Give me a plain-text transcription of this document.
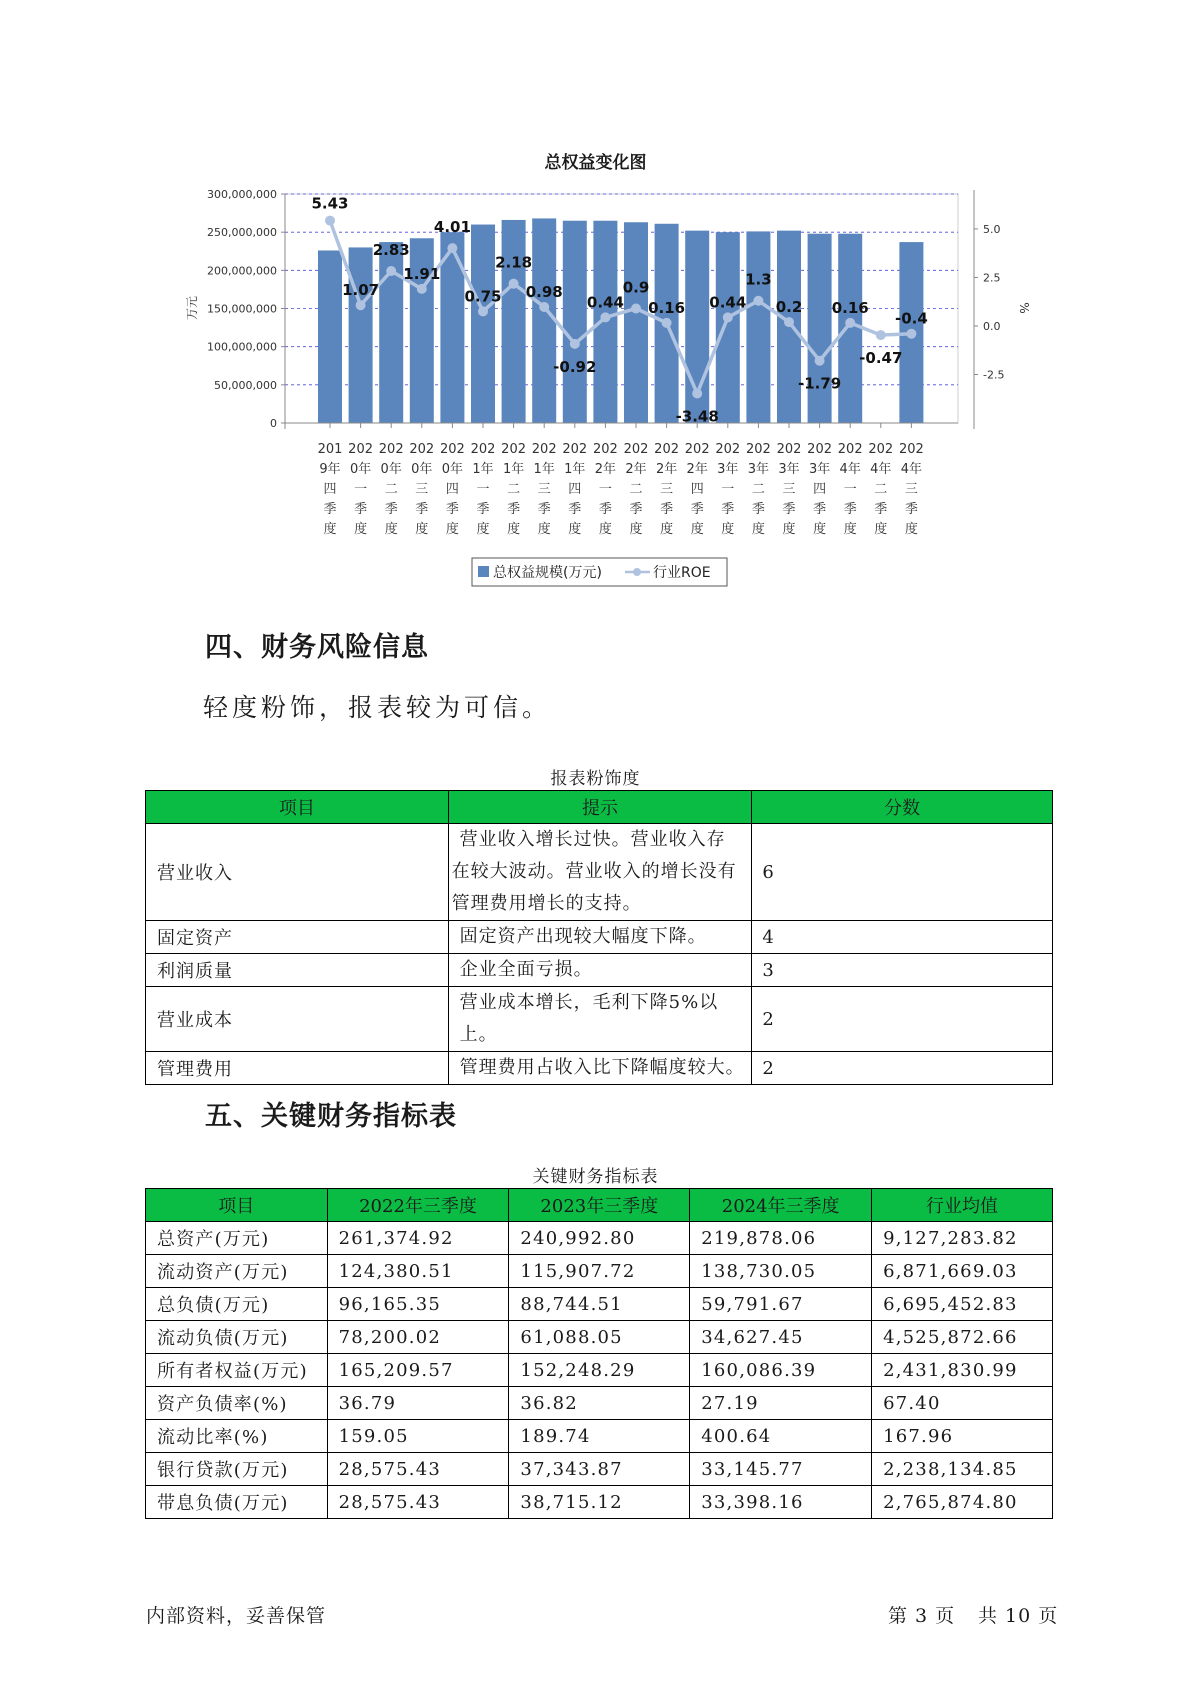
总权益变化图
300,000,000
250,000,000
200,000,000
150,000,000
100,000,000
50,000,000
0
万元
5.0
2.5
0.0
-2.5
%
201 9年四季度
202 0年一季度
202 0年二季度
202 0年三季度
202 0年四季度
202 1年一季度
202 1年二季度
202 1年三季度
202 1年四季度
202 2年一季度
202 2年二季度
202 2年三季度
202 2年四季度
202 3年一季度
202 3年二季度
202 3年三季度
202 3年四季度
202 4年一季度
202 4年二季度
202 4年三季度
5.43
1.07
2.83
1.91
4.01
0.75
2.18
0.98
-0.92
0.44
0.9
0.16
-3.48
0.44
1.3
0.2
-1.79
0.16
-0.47
-0.4
总权益规模(万元)	行业ROE
四、财务风险信息
轻度粉饰，报表较为可信。
报表粉饰度
项目	提示	分数
营业收入	营业收入增长过快。营业收入存
在较大波动。营业收入的增长没有
管理费用增长的支持。	6
固定资产	固定资产出现较大幅度下降。	4
利润质量	企业全面亏损。	3
营业成本	营业成本增长，毛利下降5%以上。	2
管理费用	管理费用占收入比下降幅度较大。	2
五、关键财务指标表
关键财务指标表
项目	2022年三季度	2023年三季度	2024年三季度	行业均值
总资产(万元)	261,374.92	240,992.80	219,878.06	9,127,283.82
流动资产(万元)	124,380.51	115,907.72	138,730.05	6,871,669.03
总负债(万元)	96,165.35	88,744.51	59,791.67	6,695,452.83
流动负债(万元)	78,200.02	61,088.05	34,627.45	4,525,872.66
所有者权益(万元)	165,209.57	152,248.29	160,086.39	2,431,830.99
资产负债率(%)	36.79	36.82	27.19	67.40
流动比率(%)	159.05	189.74	400.64	167.96
银行贷款(万元)	28,575.43	37,343.87	33,145.77	2,238,134.85
带息负债(万元)	28,575.43	38,715.12	33,398.16	2,765,874.80
内部资料，妥善保管	第 3 页 共 10 页
